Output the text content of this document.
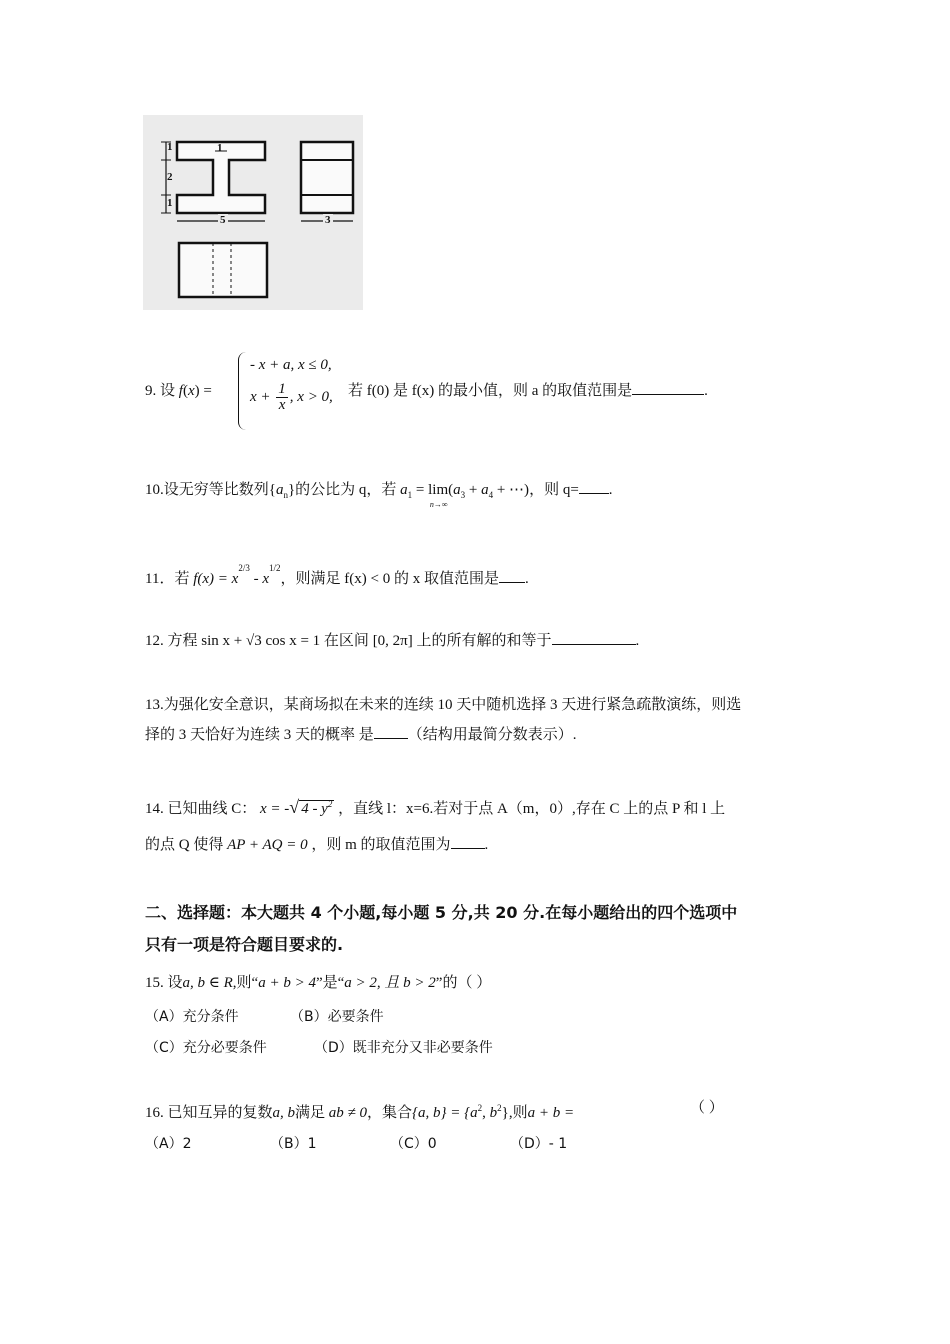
1	1
2
1
5	3
9. 设 f(x) =
- x + a, x ≤ 0,
$x + \frac{1}{x}$ , x > 0, 若 f(0) 是 f(x) 的最小值，则 a 的取值范围是	.
10.设无穷等比数列$\{a_n\}$的公比为 q，若 $a_1 = \lim$(
n→∞
$a_3 + a_4$ + ⋯)，则 q= .
11．若 $f(x) = x^{2/3} - x^{1/2}$，则满足 f(x) < 0 的 x 取值范围是 .
12. 方程 sin x + √3 cos x = 1 在区间 [0, 2π] 上的所有解的和等于	.
13.为强化安全意识，某商场拟在未来的连续 10 天中随机选择 3 天进行紧急疏散演练，则选
择的 3 天恰好为连续 3 天的概率 是 （结构用最简分数表示）.
14. 已知曲线 C： x = -√ $4 - y^2$ ，直线 l：x=6.若对于点 A（m，0）,存在 C 上的点 P 和 l 上
的点 Q 使得 AP + AQ = 0 ，则 m 的取值范围为 .
二、选择题：本大题共 4 个小题,每小题 5 分,共 20 分.在每小题给出的四个选项中
只有一项是符合题目要求的.
15. 设a, b ∈ R,则“a + b > 4”是“a > 2, 且 b > 2”的（ ）
（A）充分条件	（B）必要条件
（C）充分必要条件	（D）既非充分又非必要条件
16. 已知互异的复数a, b满足 ab ≠ 0，集合{a, $b\} = \{a^2$, $b^2$},则a + b =	（ ）
（A）2	（B）1	（C）0	（D）- 1
